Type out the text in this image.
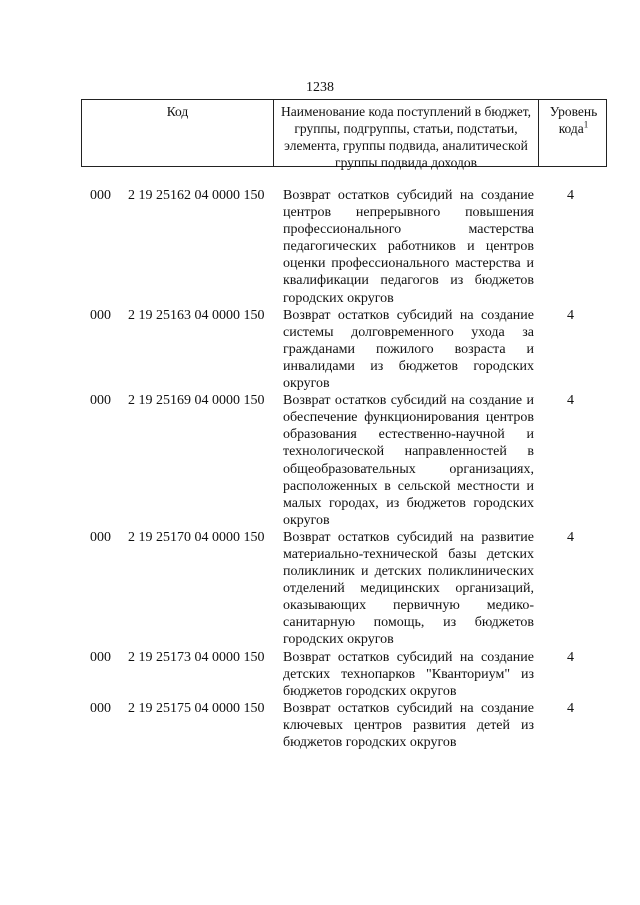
1238
Код	Наименование кода поступлений в бюджет, группы, подгруппы, статьи, подстатьи, элемента, группы подвида, аналитической группы подвида доходов
Уровень кода$^1$
000 2 19 25162 04 0000 150 Возврат остатков субсидий на создание центров непрерывного повышения профессионального мастерства педагогических работников и центров оценки профессионального мастерства и квалификации педагогов из бюджетов городских округов
4
000 2 19 25163 04 0000 150 Возврат остатков субсидий на создание системы долговременного ухода за гражданами пожилого возраста и инвалидами из бюджетов городских округов
4
000 2 19 25169 04 0000 150 Возврат остатков субсидий на создание и обеспечение функционирования центров образования естественно-научной и технологической направленностей в общеобразовательных организациях, расположенных в сельской местности и малых городах, из бюджетов городских округов
4
000 2 19 25170 04 0000 150 Возврат остатков субсидий на развитие материально-технической базы детских поликлиник и детских поликлинических отделений медицинских организаций, оказывающих первичную медико-санитарную помощь, из бюджетов городских округов
4
000 2 19 25173 04 0000 150 Возврат остатков субсидий на создание детских технопарков "Кванториум" из бюджетов городских округов
4
000 2 19 25175 04 0000 150 Возврат остатков субсидий на создание ключевых центров развития детей из бюджетов городских округов
4
